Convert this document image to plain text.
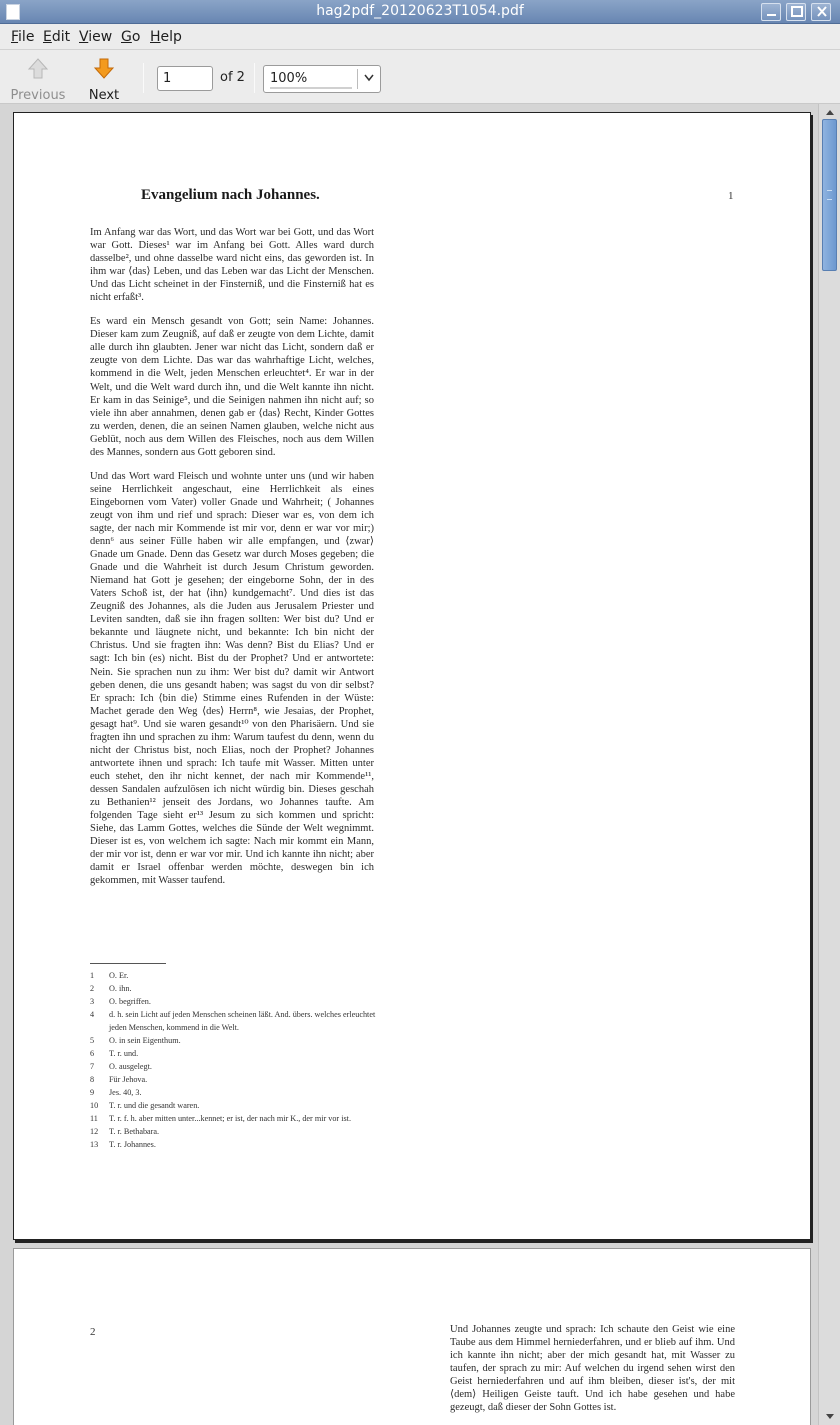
hag2pdf_20120623T1054.pdf
File Edit View Go Help
Previous	Next
1
of 2 100%
Evangelium nach Johannes.	1

Im Anfang war das Wort, und das Wort war bei Gott, und das Wort war Gott. Dieses¹ war im Anfang bei Gott. Alles ward durch dasselbe², und ohne dasselbe ward nicht eins, das geworden ist. In ihm war ⟨das⟩ Leben, und das Leben war das Licht der Menschen. Und das Licht scheinet in der Finsterniß, und die Finsterniß hat es nicht erfaßt³.

Es ward ein Mensch gesandt von Gott; sein Name: Johannes. Dieser kam zum Zeugniß, auf daß er zeugte von dem Lichte, damit alle durch ihn glaubten. Jener war nicht das Licht, sondern daß er zeugte von dem Lichte. Das war das wahrhaftige Licht, welches, kommend in die Welt, jeden Menschen erleuchtet⁴. Er war in der Welt, und die Welt ward durch ihn, und die Welt kannte ihn nicht. Er kam in das Seinige⁵, und die Seinigen nahmen ihn nicht auf; so viele ihn aber annahmen, denen gab er ⟨das⟩ Recht, Kinder Gottes zu werden, denen, die an seinen Namen glauben, welche nicht aus Geblüt, noch aus dem Willen des Fleisches, noch aus dem Willen des Mannes, sondern aus Gott geboren sind.

Und das Wort ward Fleisch und wohnte unter uns (und wir haben seine Herrlichkeit angeschaut, eine Herrlichkeit als eines Eingebornen vom Vater) voller Gnade und Wahrheit; ( Johannes zeugt von ihm und rief und sprach: Dieser war es, von dem ich sagte, der nach mir Kommende ist mir vor, denn er war vor mir;) denn⁶ aus seiner Fülle haben wir alle empfangen, und ⟨zwar⟩ Gnade um Gnade. Denn das Gesetz war durch Moses gegeben; die Gnade und die Wahrheit ist durch Jesum Christum geworden. Niemand hat Gott je gesehen; der eingeborne Sohn, der in des Vaters Schoß ist, der hat ⟨ihn⟩ kundgemacht⁷. Und dies ist das Zeugniß des Johannes, als die Juden aus Jerusalem Priester und Leviten sandten, daß sie ihn fragen sollten: Wer bist du? Und er bekannte und läugnete nicht, und bekannte: Ich bin nicht der Christus. Und sie fragten ihn: Was denn? Bist du Elias? Und er sagt: Ich bin (es) nicht. Bist du der Prophet? Und er antwortete: Nein. Sie sprachen nun zu ihm: Wer bist du? damit wir Antwort geben denen, die uns gesandt haben; was sagst du von dir selbst? Er sprach: Ich ⟨bin die⟩ Stimme eines Rufenden in der Wüste: Machet gerade den Weg ⟨des⟩ Herrn⁸, wie Jesaias, der Prophet, gesagt hat⁹. Und sie waren gesandt¹⁰ von den Pharisäern. Und sie fragten ihn und sprachen zu ihm: Warum taufest du denn, wenn du nicht der Christus bist, noch Elias, noch der Prophet? Johannes antwortete ihnen und sprach: Ich taufe mit Wasser. Mitten unter euch stehet, den ihr nicht kennet, der nach mir Kommende¹¹, dessen Sandalen aufzulösen ich nicht würdig bin. Dieses geschah zu Bethanien¹² jenseit des Jordans, wo Johannes taufte. Am folgenden Tage sieht er¹³ Jesum zu sich kommen und spricht: Siehe, das Lamm Gottes, welches die Sünde der Welt wegnimmt. Dieser ist es, von welchem ich sagte: Nach mir kommt ein Mann, der mir vor ist, denn er war vor mir. Und ich kannte ihn nicht; aber damit er Israel offenbar werden möchte, deswegen bin ich gekommen, mit Wasser taufend.

1	O. Er.
2	O. ihn.
3	O. begriffen.
4	d. h. sein Licht auf jeden Menschen scheinen läßt. And. übers. welches erleuchtet jeden Menschen, kommend in die Welt.
5	O. in sein Eigenthum.
6	T. r. und.
7	O. ausgelegt.
8	Für Jehova.
9	Jes. 40, 3.
10	T. r. und die gesandt waren.
11	T. r. f. h. aber mitten unter...kennet; er ist, der nach mir K., der mir vor ist.
12	T. r. Bethabara.
13	T. r. Johannes.
2	Und Johannes zeugte und sprach: Ich schaute den Geist wie eine Taube aus dem Himmel herniederfahren, und er blieb auf ihm. Und ich kannte ihn nicht; aber der mich gesandt hat, mit Wasser zu taufen, der sprach zu mir: Auf welchen du irgend sehen wirst den Geist herniederfahren und auf ihm bleiben, dieser ist's, der mit ⟨dem⟩ Heiligen Geiste tauft. Und ich habe gesehen und habe gezeugt, daß dieser der Sohn Gottes ist.
